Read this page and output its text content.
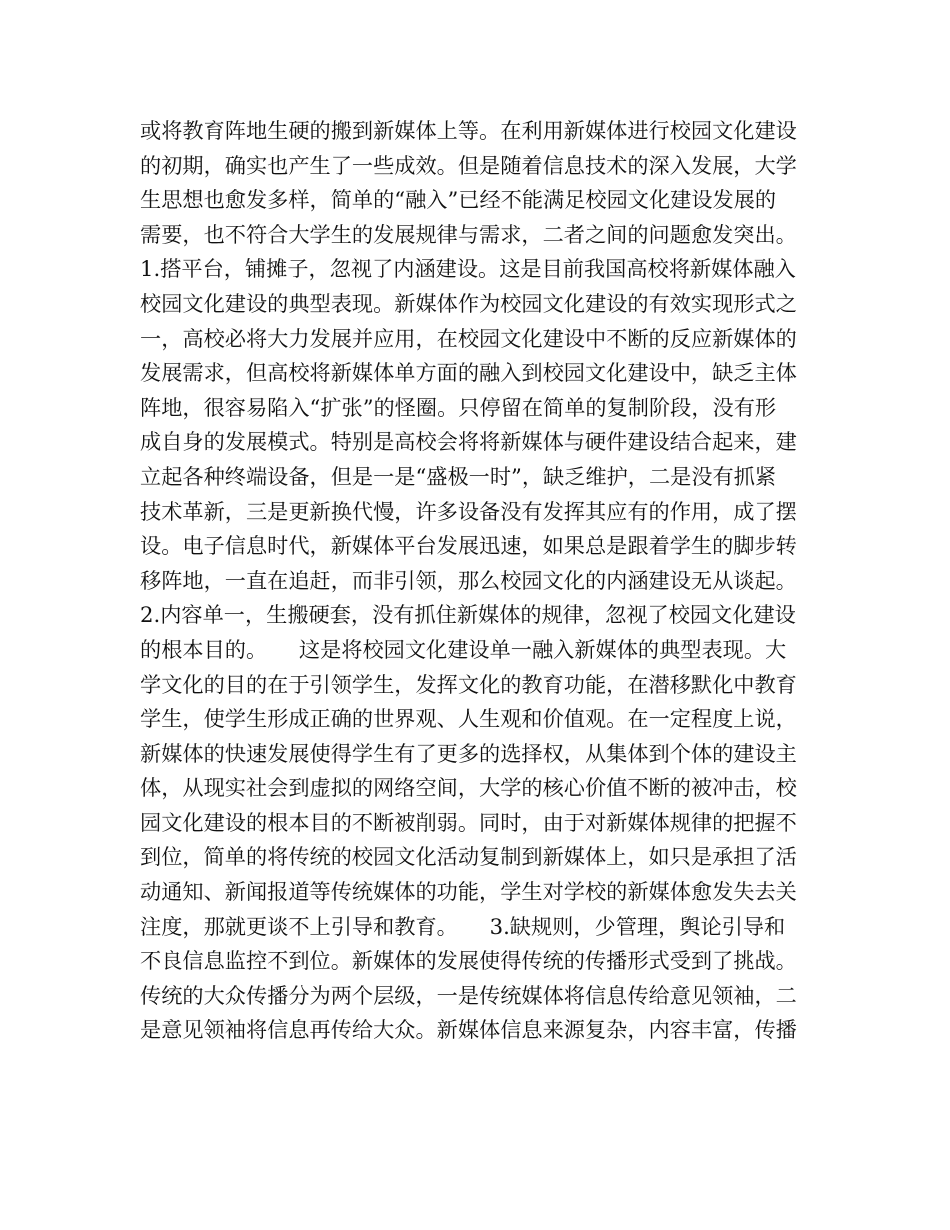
或将教育阵地生硬的搬到新媒体上等。在利用新媒体进行校园文化建设
的初期，确实也产生了一些成效。但是随着信息技术的深入发展，大学
生思想也愈发多样，简单的“融入”已经不能满足校园文化建设发展的
需要，也不符合大学生的发展规律与需求，二者之间的问题愈发突出。
1.搭平台，铺摊子，忽视了内涵建设。这是目前我国高校将新媒体融入
校园文化建设的典型表现。新媒体作为校园文化建设的有效实现形式之
一，高校必将大力发展并应用，在校园文化建设中不断的反应新媒体的
发展需求，但高校将新媒体单方面的融入到校园文化建设中，缺乏主体
阵地，很容易陷入“扩张”的怪圈。只停留在简单的复制阶段，没有形
成自身的发展模式。特别是高校会将将新媒体与硬件建设结合起来，建
立起各种终端设备，但是一是“盛极一时”，缺乏维护，二是没有抓紧
技术革新，三是更新换代慢，许多设备没有发挥其应有的作用，成了摆
设。电子信息时代，新媒体平台发展迅速，如果总是跟着学生的脚步转
移阵地，一直在追赶，而非引领，那么校园文化的内涵建设无从谈起。
2.内容单一，生搬硬套，没有抓住新媒体的规律，忽视了校园文化建设
的根本目的。　　这是将校园文化建设单一融入新媒体的典型表现。大
学文化的目的在于引领学生，发挥文化的教育功能，在潜移默化中教育
学生，使学生形成正确的世界观、人生观和价值观。在一定程度上说，
新媒体的快速发展使得学生有了更多的选择权，从集体到个体的建设主
体，从现实社会到虚拟的网络空间，大学的核心价值不断的被冲击，校
园文化建设的根本目的不断被削弱。同时，由于对新媒体规律的把握不
到位，简单的将传统的校园文化活动复制到新媒体上，如只是承担了活
动通知、新闻报道等传统媒体的功能，学生对学校的新媒体愈发失去关
注度，那就更谈不上引导和教育。　　3.缺规则，少管理，舆论引导和
不良信息监控不到位。新媒体的发展使得传统的传播形式受到了挑战。
传统的大众传播分为两个层级，一是传统媒体将信息传给意见领袖，二
是意见领袖将信息再传给大众。新媒体信息来源复杂，内容丰富，传播
